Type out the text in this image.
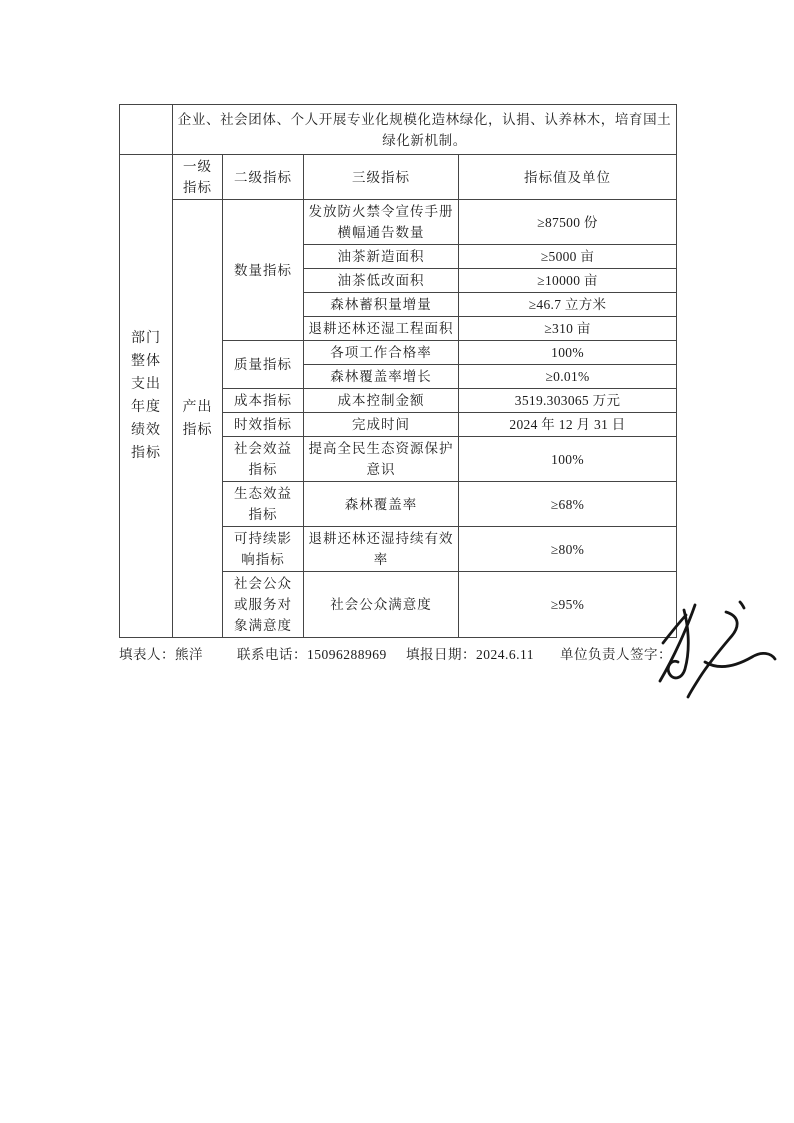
	企业、社会团体、个人开展专业化规模化造林绿化，认捐、认养林木，培育国土绿化新机制。			
部门整体支出年度绩效指标	一级指标	二级指标	三级指标	指标值及单位
	产出指标	数量指标	发放防火禁令宣传手册横幅通告数量	≥87500 份
			油茶新造面积	≥5000 亩
			油茶低改面积	≥10000 亩
			森林蓄积量增量	≥46.7 立方米
			退耕还林还湿工程面积	≥310 亩
		质量指标	各项工作合格率	100%
			森林覆盖率增长	≥0.01%
		成本指标	成本控制金额	3519.303065 万元
		时效指标	完成时间	2024 年 12 月 31 日
		社会效益指标	提高全民生态资源保护意识	100%
		生态效益指标	森林覆盖率	≥68%
		可持续影响指标	退耕还林还湿持续有效率	≥80%
		社会公众或服务对象满意度	社会公众满意度	≥95%
填表人：熊洋	联系电话：15096288969 填报日期：2024.6.11 单位负责人签字：
